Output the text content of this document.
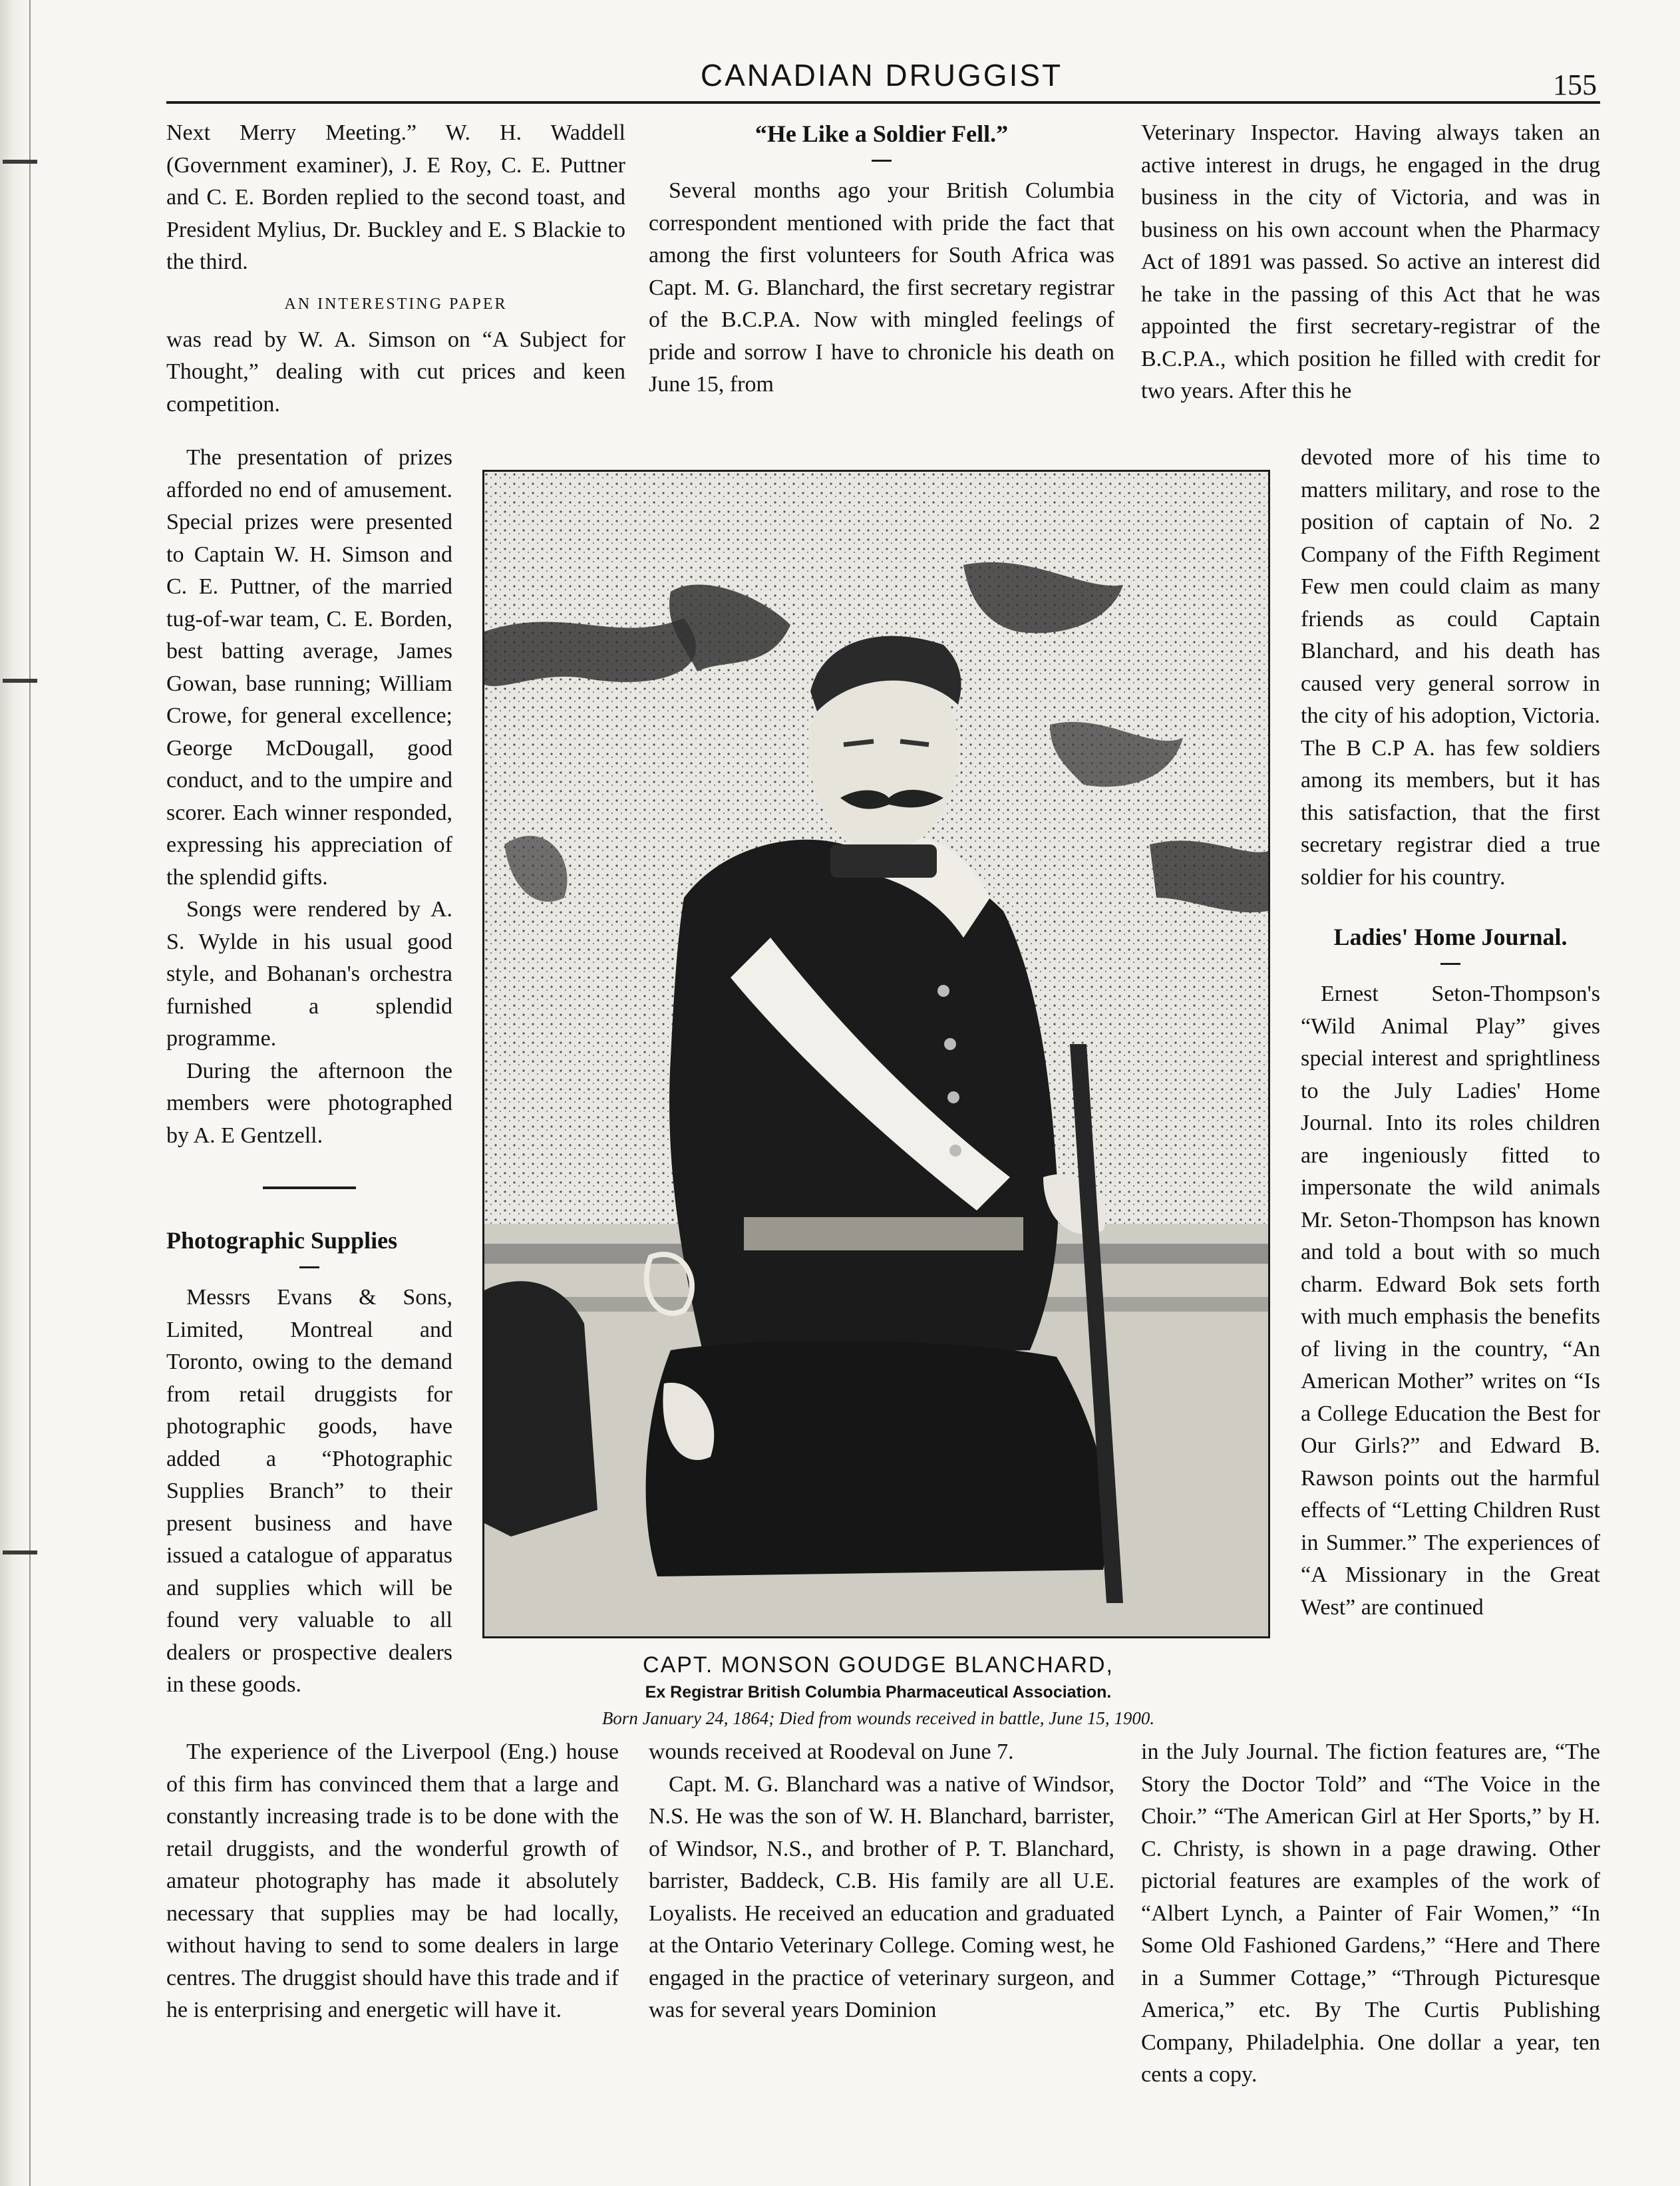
CANADIAN DRUGGIST	155

Next Merry Meeting.” W. H. Waddell (Government examiner), J. E Roy, C. E. Puttner and C. E. Borden replied to the second toast, and President Mylius, Dr. Buckley and E. S Blackie to the third.

AN INTERESTING PAPER

was read by W. A. Simson on “A Subject for Thought,” dealing with cut prices and keen competition.

The presentation of prizes afforded no end of amusement. Special prizes were presented to Captain W. H. Simson and C. E. Puttner, of the married tug-of-war team, C. E. Borden, best batting average, James Gowan, base running; William Crowe, for general excellence; George McDougall, good conduct, and to the umpire and scorer. Each winner responded, expressing his appreciation of the splendid gifts.

Songs were rendered by A. S. Wylde in his usual good style, and Bohanan's orchestra furnished a splendid programme.

During the afternoon the members were photographed by A. E Gentzell.

Photographic Supplies

Messrs Evans & Sons, Limited, Montreal and Toronto, owing to the demand from retail druggists for photographic goods, have added a “Photographic Supplies Branch” to their present business and have issued a catalogue of apparatus and supplies which will be found very valuable to all dealers or prospective dealers in these goods.

The experience of the Liverpool (Eng.) house of this firm has convinced them that a large and constantly increasing trade is to be done with the retail druggists, and the wonderful growth of amateur photography has made it absolutely necessary that supplies may be had locally, without having to send to some dealers in large centres. The druggist should have this trade and if he is enterprising and energetic will have it.

“He Like a Soldier Fell.”

Several months ago your British Columbia correspondent mentioned with pride the fact that among the first volunteers for South Africa was Capt. M. G. Blanchard, the first secretary registrar of the B.C.P.A. Now with mingled feelings of pride and sorrow I have to chronicle his death on June 15, from

wounds received at Roodeval on June 7.

Capt. M. G. Blanchard was a native of Windsor, N.S. He was the son of W. H. Blanchard, barrister, of Windsor, N.S., and brother of P. T. Blanchard, barrister, Baddeck, C.B. His family are all U.E. Loyalists. He received an education and graduated at the Ontario Veterinary College. Coming west, he engaged in the practice of veterinary surgeon, and was for several years Dominion

Veterinary Inspector. Having always taken an active interest in drugs, he engaged in the drug business in the city of Victoria, and was in business on his own account when the Pharmacy Act of 1891 was passed. So active an interest did he take in the passing of this Act that he was appointed the first secretary-registrar of the B.C.P.A., which position he filled with credit for two years. After this he

devoted more of his time to matters military, and rose to the position of captain of No. 2 Company of the Fifth Regiment Few men could claim as many friends as could Captain Blanchard, and his death has caused very general sorrow in the city of his adoption, Victoria. The B C.P A. has few soldiers among its members, but it has this satisfaction, that the first secretary registrar died a true soldier for his country.

Ladies' Home Journal.

Ernest Seton-Thompson's “Wild Animal Play” gives special interest and sprightliness to the July Ladies' Home Journal. Into its roles children are ingeniously fitted to impersonate the wild animals Mr. Seton-Thompson has known and told a bout with so much charm. Edward Bok sets forth with much emphasis the benefits of living in the country, “An American Mother” writes on “Is a College Education the Best for Our Girls?” and Edward B. Rawson points out the harmful effects of “Letting Children Rust in Summer.” The experiences of “A Missionary in the Great West” are continued

in the July Journal. The fiction features are, “The Story the Doctor Told” and “The Voice in the Choir.” “The American Girl at Her Sports,” by H. C. Christy, is shown in a page drawing. Other pictorial features are examples of the work of “Albert Lynch, a Painter of Fair Women,” “In Some Old Fashioned Gardens,” “Here and There in a Summer Cottage,” “Through Picturesque America,” etc. By The Curtis Publishing Company, Philadelphia. One dollar a year, ten cents a copy.

CAPT. MONSON GOUDGE BLANCHARD,
Ex Registrar British Columbia Pharmaceutical Association.
Born January 24, 1864; Died from wounds received in battle, June 15, 1900.
